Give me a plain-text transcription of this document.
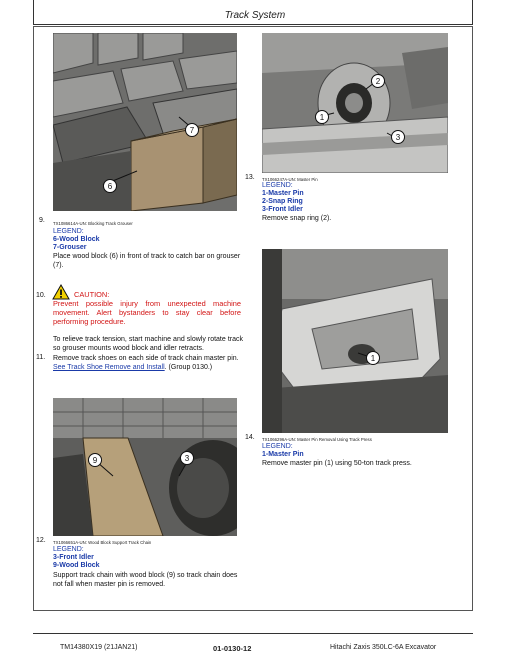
Track System
7
6
TX1086614A-UN: Blocking Track Grouser
9.
LEGEND:
6-Wood Block
7-Grouser
Place wood block (6) in front of track to catch bar on grouser (7).
10.	CAUTION:
Prevent possible injury from unexpected machine movement. Alert bystanders to stay clear before performing procedure.
To relieve track tension, start machine and slowly rotate track so grouser mounts wood block and idler retracts.
11. Remove track shoes on each side of track chain master pin. See Track Shoe Remove and Install. (Group 0130.)
9	3
TX1066651A-UN: Wood Block Support Track Chain
12.
LEGEND:
3-Front Idler
9-Wood Block
Support track chain with wood block (9) so track chain does not fall when master pin is removed.
2
1
3
TX1066247A-UN: Master Pin
13.
LEGEND:
1-Master Pin
2-Snap Ring
3-Front Idler
Remove snap ring (2).
1
TX1066296A-UN: Master Pin Removal Using Track Press
14.
LEGEND:
1-Master Pin
Remove master pin (1) using 50-ton track press.
TM14380X19 (21JAN21)	01-0130-12	Hitachi Zaxis 350LC-6A Excavator
